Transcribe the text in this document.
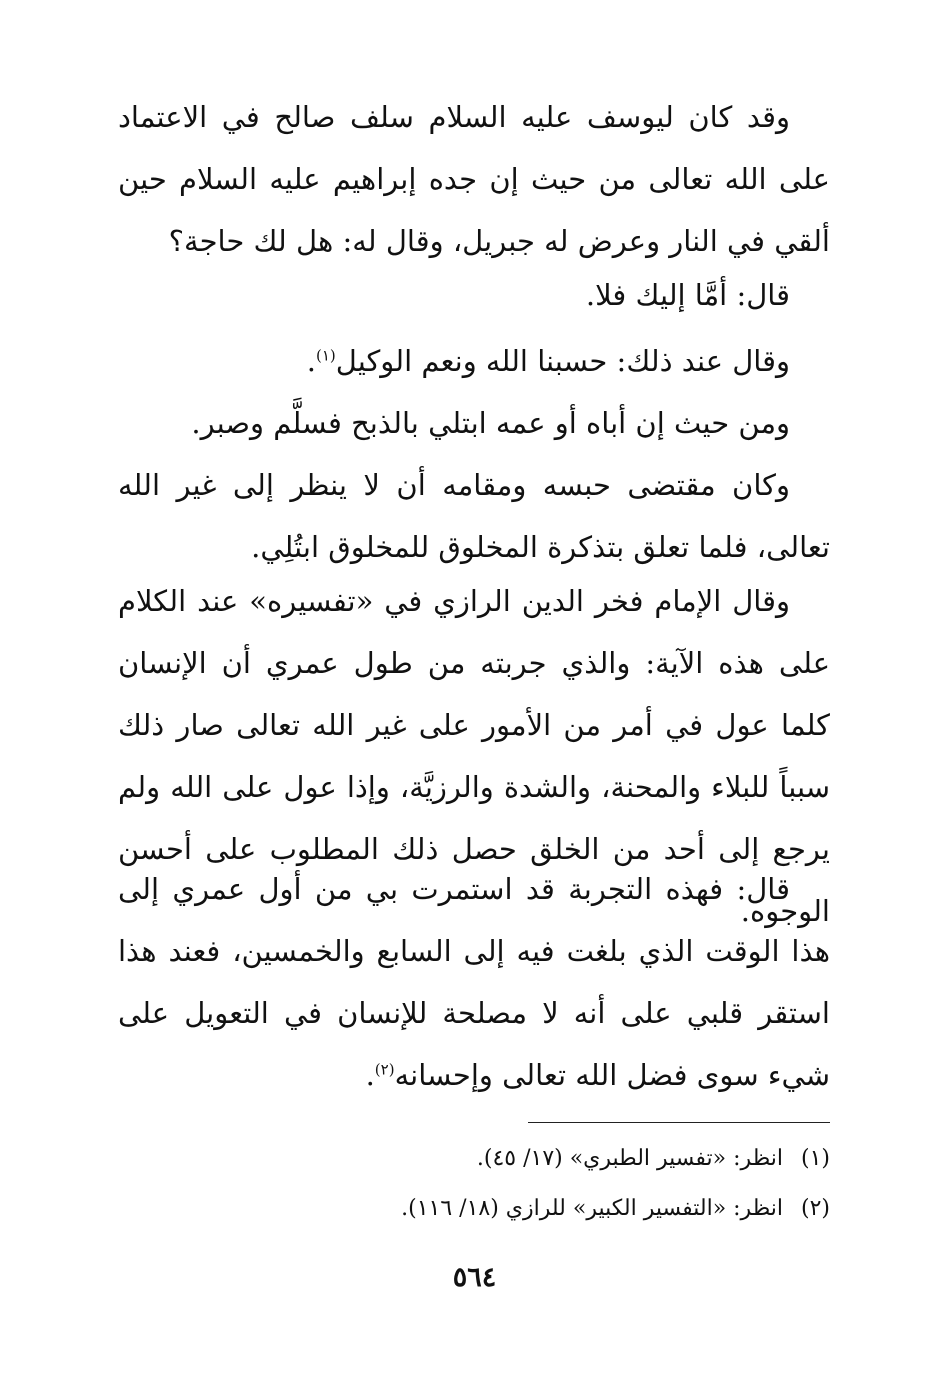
وقد كان ليوسف عليه السلام سلف صالح في الاعتماد على الله تعالى من حيث إن جده إبراهيم عليه السلام حين ألقي في النار وعرض له جبريل، وقال له: هل لك حاجة؟

قال: أمَّا إليك فلا.

وقال عند ذلك: حسبنا الله ونعم الوكيل$^{(١)}$.

ومن حيث إن أباه أو عمه ابتلي بالذبح فسلَّم وصبر.

وكان مقتضى حبسه ومقامه أن لا ينظر إلى غير الله تعالى، فلما تعلق بتذكرة المخلوق للمخلوق ابتُلِي.

وقال الإمام فخر الدين الرازي في «تفسيره» عند الكلام على هذه الآية: والذي جربته من طول عمري أن الإنسان كلما عول في أمر من الأمور على غير الله تعالى صار ذلك سبباً للبلاء والمحنة، والشدة والرزيَّة، وإذا عول على الله ولم يرجع إلى أحد من الخلق حصل ذلك المطلوب على أحسن الوجوه.

قال: فهذه التجربة قد استمرت بي من أول عمري إلى هذا الوقت الذي بلغت فيه إلى السابع والخمسين، فعند هذا استقر قلبي على أنه لا مصلحة للإنسان في التعويل على شيء سوى فضل الله تعالى وإحسانه$^{(٢)}$.

(١)انظر: «تفسير الطبري» (١٧/ ٤٥).

(٢)انظر: «التفسير الكبير» للرازي (١٨/ ١١٦).

٥٦٤
